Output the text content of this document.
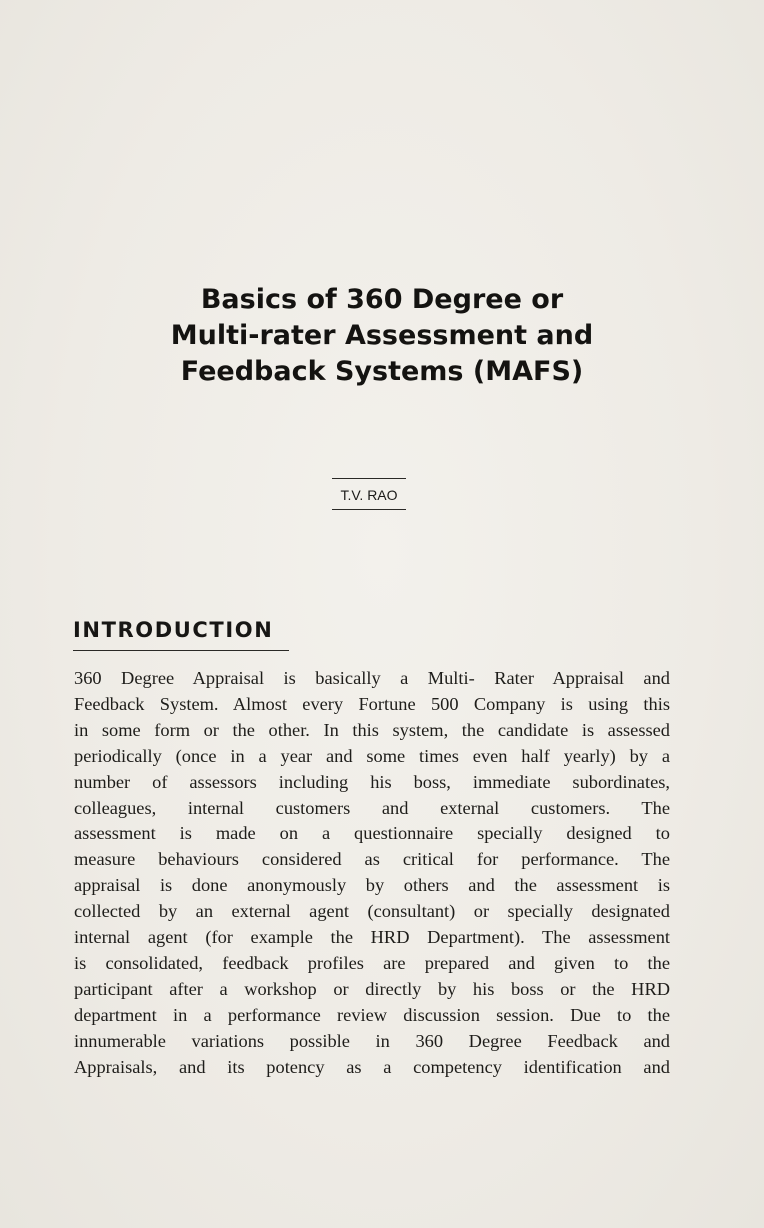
Basics of 360 Degree or
Multi-rater Assessment and
Feedback Systems (MAFS)
T.V. RAO
INTRODUCTION
360 Degree Appraisal is basically a Multi- Rater Appraisal and
Feedback System. Almost every Fortune 500 Company is using this
in some form or the other. In this system, the candidate is assessed
periodically (once in a year and some times even half yearly) by a
number of assessors including his boss, immediate subordinates,
colleagues, internal customers and external customers. The
assessment is made on a questionnaire specially designed to
measure behaviours considered as critical for performance. The
appraisal is done anonymously by others and the assessment is
collected by an external agent (consultant) or specially designated
internal agent (for example the HRD Department). The assessment
is consolidated, feedback profiles are prepared and given to the
participant after a workshop or directly by his boss or the HRD
department in a performance review discussion session. Due to the
innumerable variations possible in 360 Degree Feedback and
Appraisals, and its potency as a competency identification and
